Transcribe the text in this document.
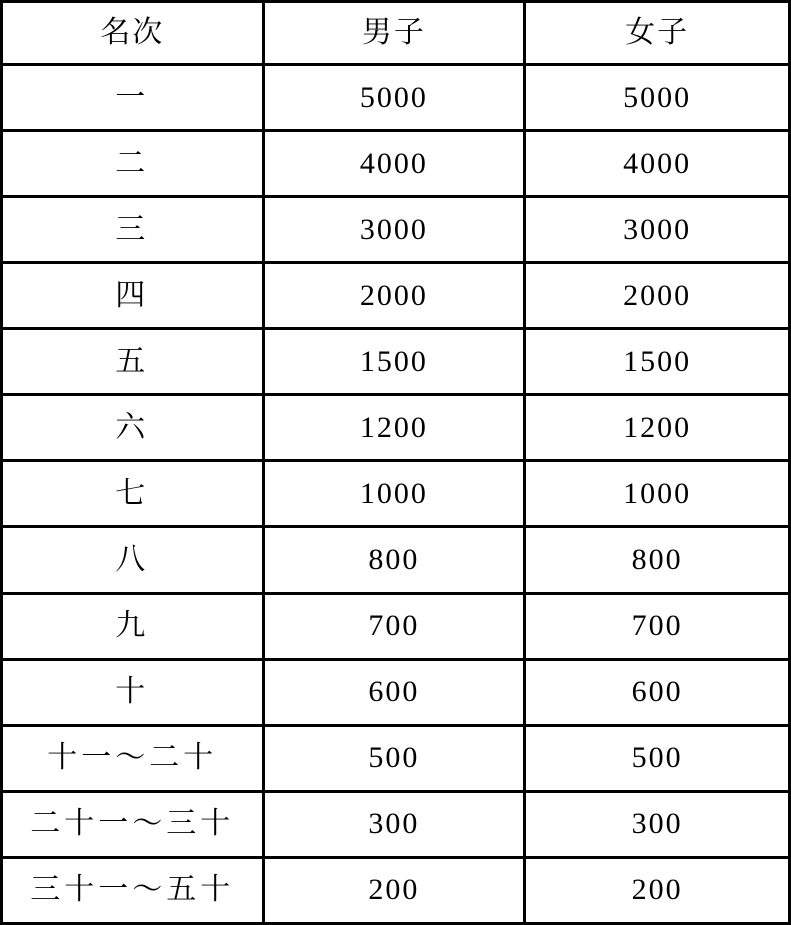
名次	男子	女子
一	5000	5000
二	4000	4000
三	3000	3000
四	2000	2000
五	1500	1500
六	1200	1200
七	1000	1000
八	800	800
九	700	700
十	600	600
十一～二十	500	500
二十一～三十	300	300
三十一～五十	200	200
